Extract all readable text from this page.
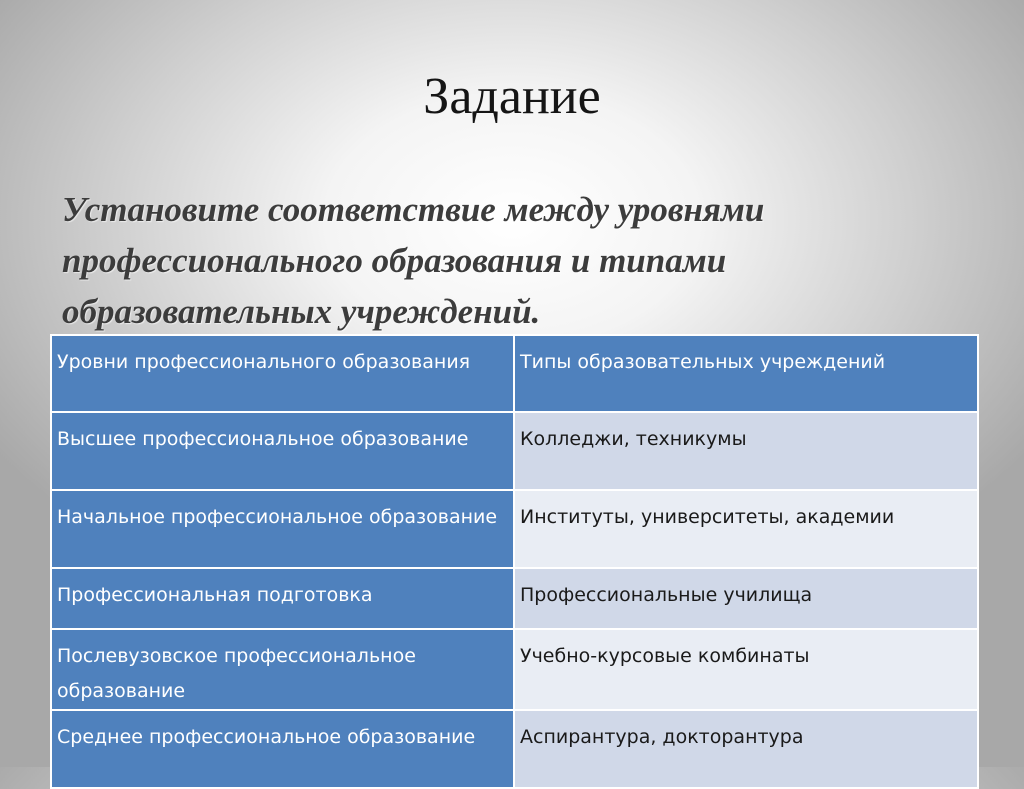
Задание

Установите соответствие между уровнями профессионального образования и типами образовательных учреждений.

Уровни профессионального образования	Типы образовательных учреждений
Высшее профессиональное образование	Колледжи, техникумы
Начальное профессиональное образование	Институты, университеты, академии
Профессиональная подготовка	Профессиональные училища
Послевузовское профессиональное образование	Учебно-курсовые комбинаты
Среднее профессиональное образование	Аспирантура, докторантура
